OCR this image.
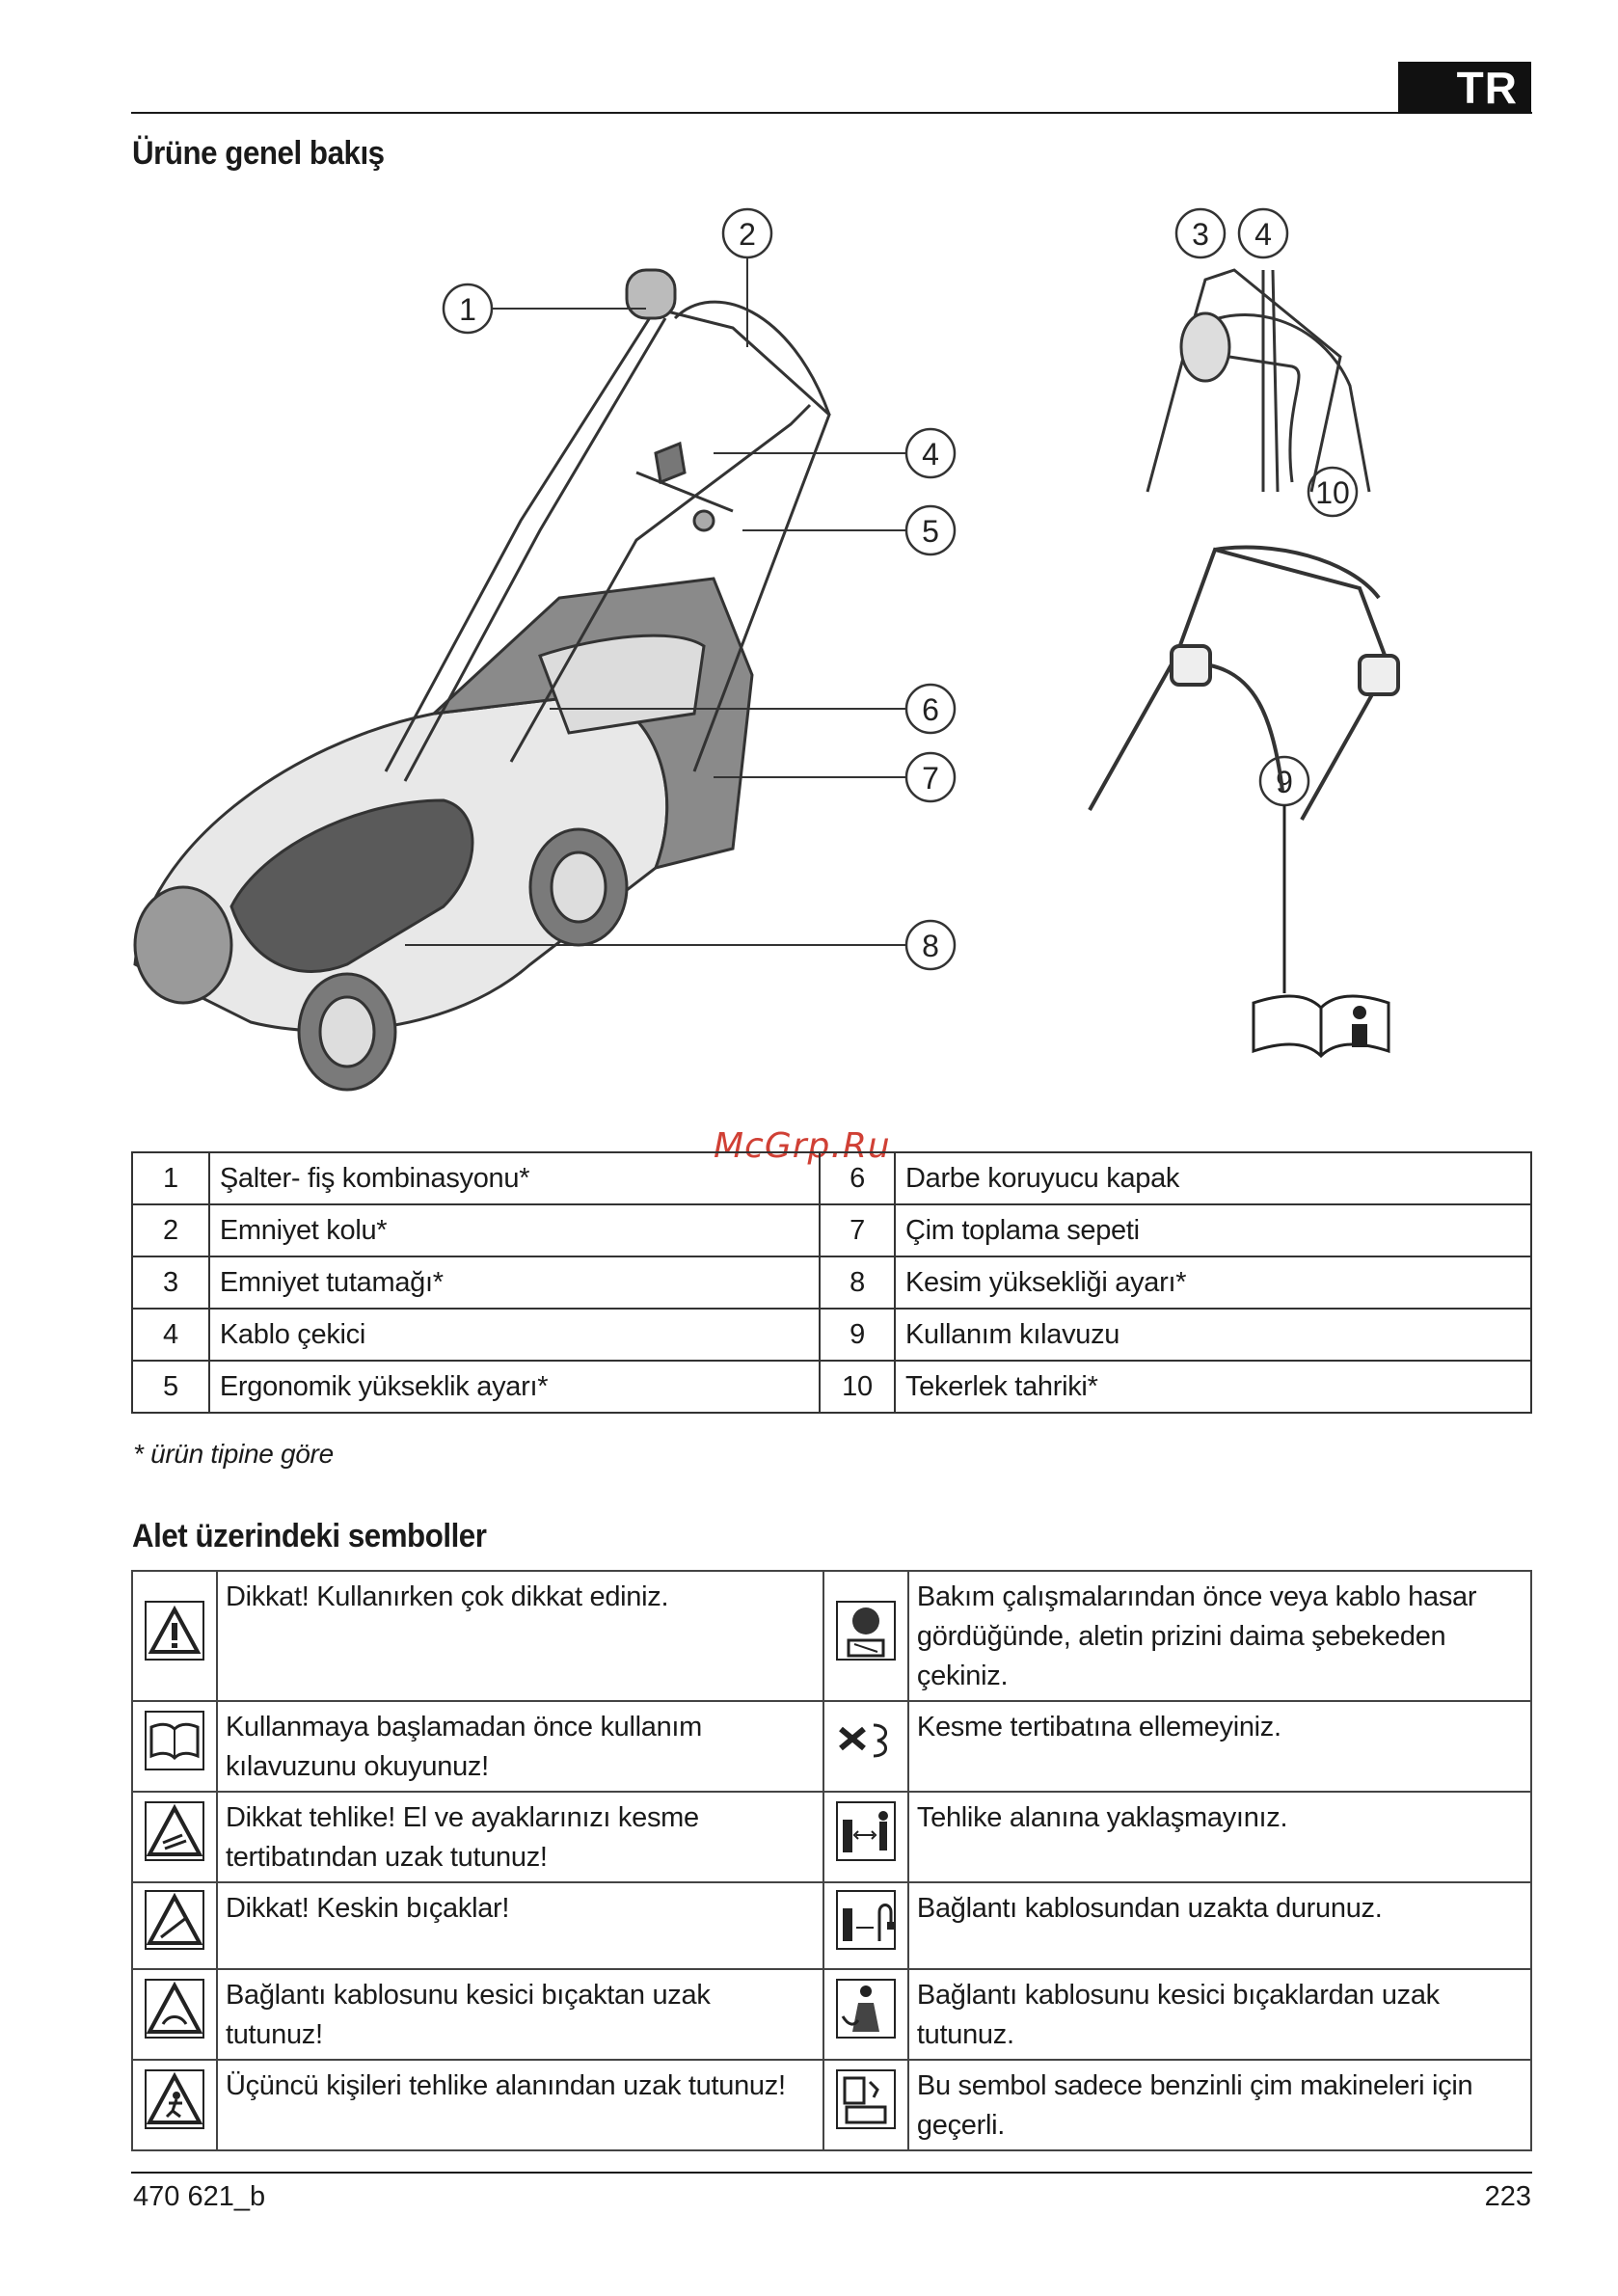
TR
Ürüne genel bakış
1
2	3 4
4
5
6
7
8
9
10
McGrp.Ru
1	Şalter- fiş kombinasyonu*	6	Darbe koruyucu kapak
2	Emniyet kolu*	7	Çim toplama sepeti
3	Emniyet tutamağı*	8	Kesim yüksekliği ayarı*
4	Kablo çekici	9	Kullanım kılavuzu
5	Ergonomik yükseklik ayarı*	10	Tekerlek tahriki*
* ürün tipine göre
Alet üzerindeki semboller
	Dikkat! Kullanırken çok dikkat ediniz.		Bakım çalışmalarından önce veya kablo hasar gördüğünde, aletin prizini daima şebekeden çekiniz.
	Kullanmaya başlamadan önce kullanım kılavuzunu okuyunuz!		Kesme tertibatına ellemeyiniz.
	Dikkat tehlike! El ve ayaklarınızı kesme tertibatından uzak tutunuz!		Tehlike alanına yaklaşmayınız.
	Dikkat! Keskin bıçaklar!		Bağlantı kablosundan uzakta durunuz.
	Bağlantı kablosunu kesici bıçaktan uzak tutunuz!		Bağlantı kablosunu kesici bıçaklardan uzak tutunuz.
	Üçüncü kişileri tehlike alanından uzak tutunuz!		Bu sembol sadece benzinli çim makineleri için geçerli.
470 621_b	223
